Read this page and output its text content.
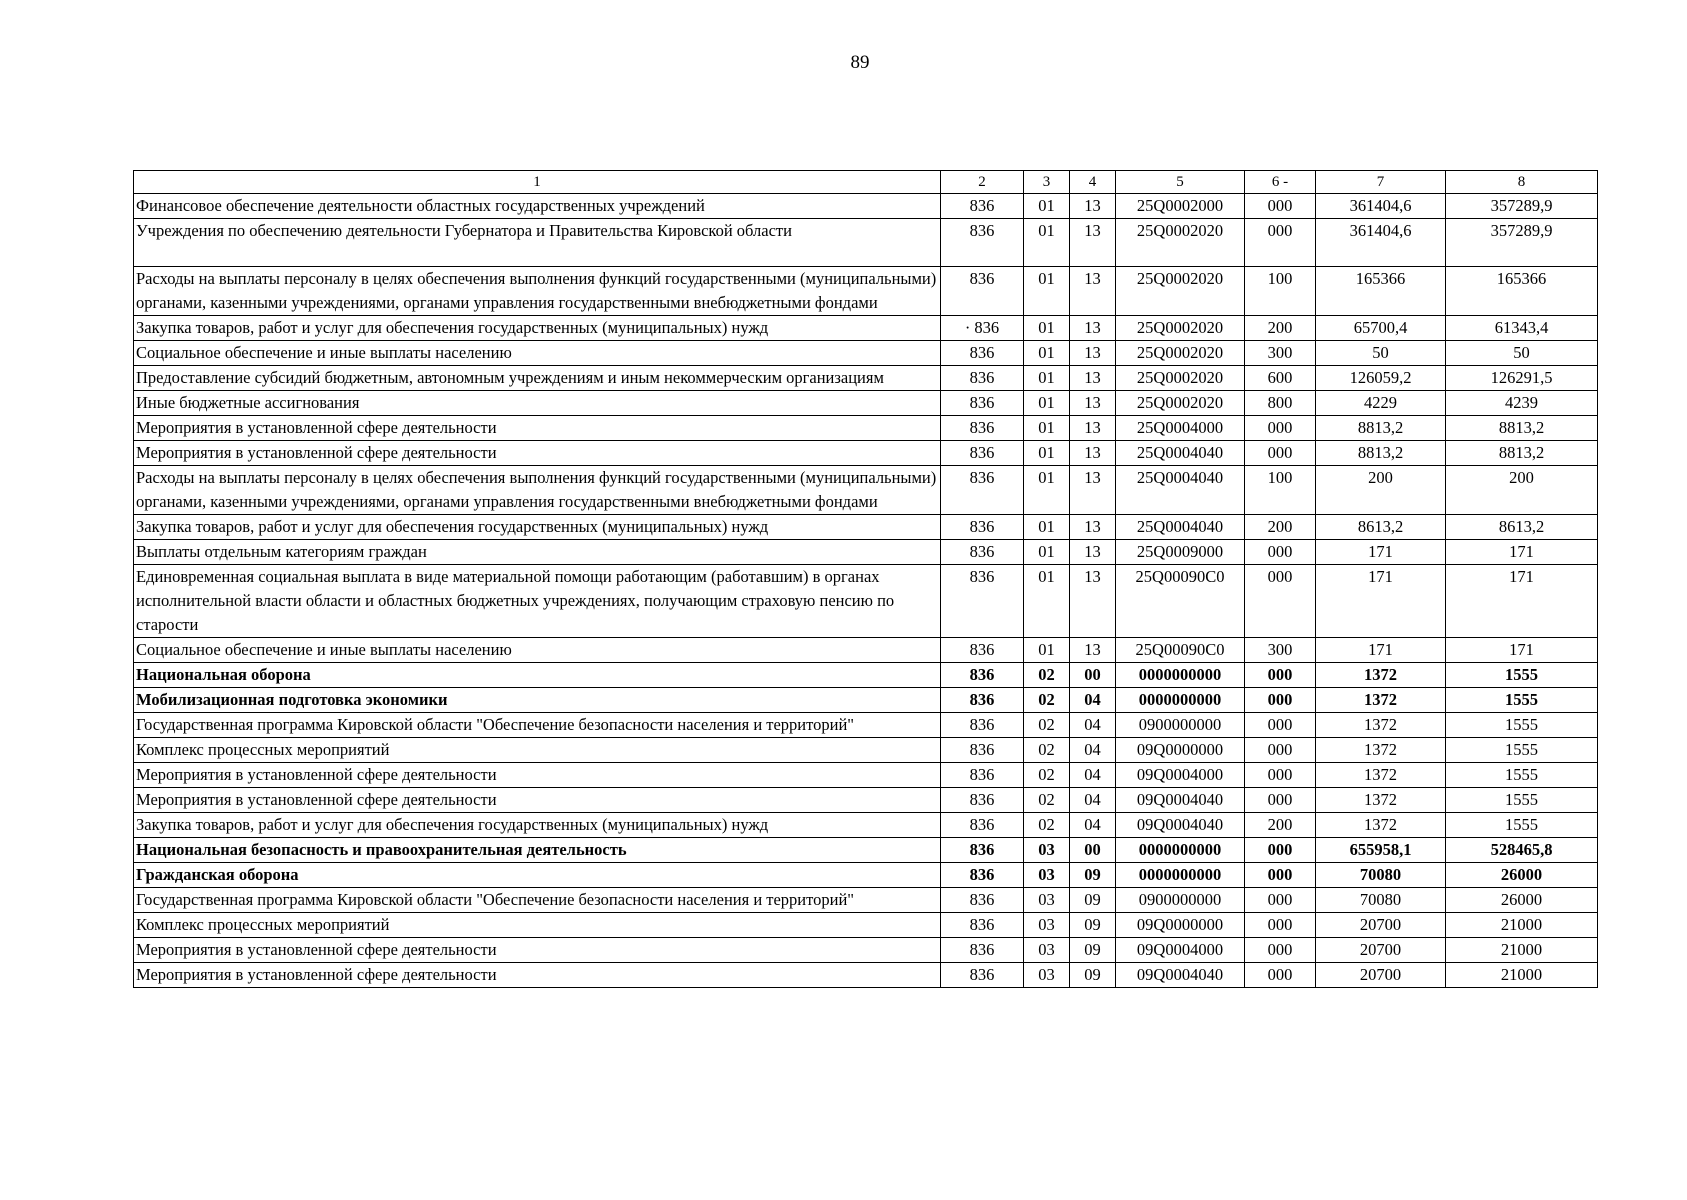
89
1	2	3	4	5	6 -	7	8
Финансовое обеспечение деятельности областных государственных учреждений	836	01	13	25Q0002000	000	361404,6	357289,9
Учреждения по обеспечению деятельности Губернатора и Правительства Кировской области	836	01	13	25Q0002020	000	361404,6	357289,9
Расходы на выплаты персоналу в целях обеспечения выполнения функций государственными (муниципальными) органами, казенными учреждениями, органами управления государственными внебюджетными фондами	836	01	13	25Q0002020	100	165366	165366
Закупка товаров, работ и услуг для обеспечения государственных (муниципальных) нужд	· 836	01	13	25Q0002020	200	65700,4	61343,4
Социальное обеспечение и иные выплаты населению	836	01	13	25Q0002020	300	50	50
Предоставление субсидий бюджетным, автономным учреждениям и иным некоммерческим организациям	836	01	13	25Q0002020	600	126059,2	126291,5
Иные бюджетные ассигнования	836	01	13	25Q0002020	800	4229	4239
Мероприятия в установленной сфере деятельности	836	01	13	25Q0004000	000	8813,2	8813,2
Мероприятия в установленной сфере деятельности	836	01	13	25Q0004040	000	8813,2	8813,2
Расходы на выплаты персоналу в целях обеспечения выполнения функций государственными (муниципальными) органами, казенными учреждениями, органами управления государственными внебюджетными фондами	836	01	13	25Q0004040	100	200	200
Закупка товаров, работ и услуг для обеспечения государственных (муниципальных) нужд	836	01	13	25Q0004040	200	8613,2	8613,2
Выплаты отдельным категориям граждан	836	01	13	25Q0009000	000	171	171
Единовременная социальная выплата в виде материальной помощи работающим (работавшим) в органах исполнительной власти области и областных бюджетных учреждениях, получающим страховую пенсию по старости	836	01	13	25Q00090C0	000	171	171
Социальное обеспечение и иные выплаты населению	836	01	13	25Q00090C0	300	171	171
Национальная оборона	836	02	00	0000000000	000	1372	1555
Мобилизационная подготовка экономики	836	02	04	0000000000	000	1372	1555
Государственная программа Кировской области "Обеспечение безопасности населения и территорий"	836	02	04	0900000000	000	1372	1555
Комплекс процессных мероприятий	836	02	04	09Q0000000	000	1372	1555
Мероприятия в установленной сфере деятельности	836	02	04	09Q0004000	000	1372	1555
Мероприятия в установленной сфере деятельности	836	02	04	09Q0004040	000	1372	1555
Закупка товаров, работ и услуг для обеспечения государственных (муниципальных) нужд	836	02	04	09Q0004040	200	1372	1555
Национальная безопасность и правоохранительная деятельность	836	03	00	0000000000	000	655958,1	528465,8
Гражданская оборона	836	03	09	0000000000	000	70080	26000
Государственная программа Кировской области "Обеспечение безопасности населения и территорий"	836	03	09	0900000000	000	70080	26000
Комплекс процессных мероприятий	836	03	09	09Q0000000	000	20700	21000
Мероприятия в установленной сфере деятельности	836	03	09	09Q0004000	000	20700	21000
Мероприятия в установленной сфере деятельности	836	03	09	09Q0004040	000	20700	21000
